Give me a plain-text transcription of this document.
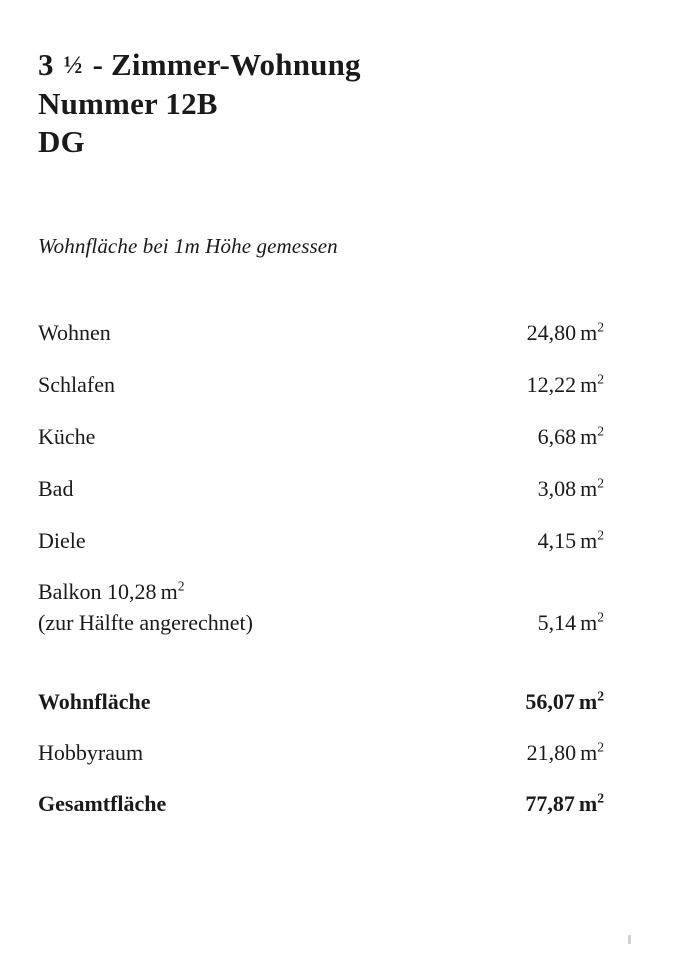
3 ½ - Zimmer-Wohnung
Nummer 12B
DG
Wohnfläche bei 1m Höhe gemessen
Wohnen	24,80 $m^2$
Schlafen	12,22 $m^2$
Küche	6,68 $m^2$
Bad	3,08 $m^2$
Diele	4,15 $m^2$

Balkon 10,28 $m^2$
(zur Hälfte angerechnet)	5,14 $m^2$

Wohnfläche	56,07 $m^2$
Hobbyraum	21,80 $m^2$
Gesamtfläche	77,87 $m^2$
